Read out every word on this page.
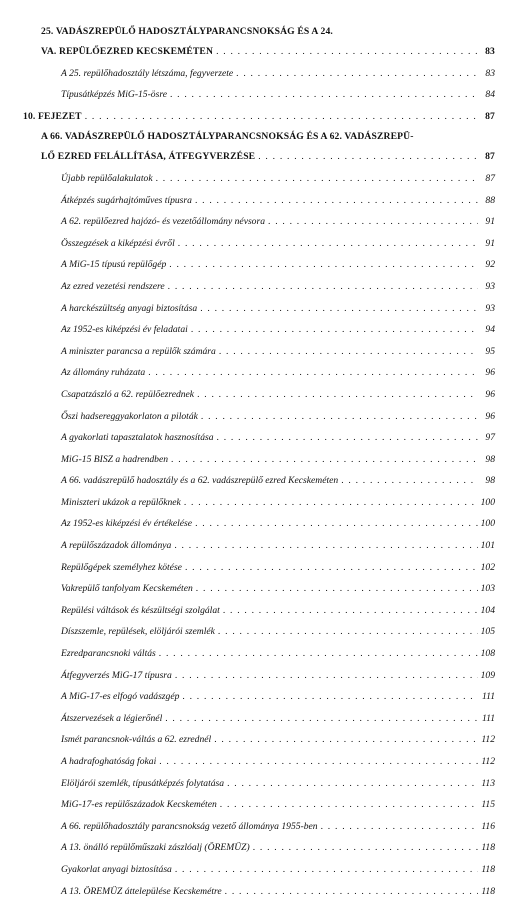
25. VADÁSZREPÜLŐ HADOSZTÁLYPARANCSNOKSÁG ÉS A 24.
VA. REPÜLŐEZRED KECSKEMÉTEN . . .	83
A 25. repülőhadosztály létszáma, fegyverzete . . .	83
Típusátképzés MiG-15-ösre . . .	84
10. FEJEZET . . .	87
A 66. VADÁSZREPÜLŐ HADOSZTÁLYPARANCSNOKSÁG ÉS A 62. VADÁSZREPÜ-
LŐ EZRED FELÁLLÍTÁSA, ÁTFEGYVERZÉSE . . .	87
Újabb repülőalakulatok . . .	87
Átképzés sugárhajtóműves típusra . . .	88
A 62. repülőezred hajózó- és vezetőállomány névsora . . .	91
Összegzések a kiképzési évről . . .	91
A MiG-15 típusú repülőgép . . .	92
Az ezred vezetési rendszere . . .	93
A harckészültség anyagi biztosítása . . .	93
Az 1952-es kiképzési év feladatai . . .	94
A miniszter parancsa a repülők számára . . .	95
Az állomány ruházata . . .	96
Csapatzászló a 62. repülőezrednek . . .	96
Őszi hadsereggyakorlaton a piloták . . .	96
A gyakorlati tapasztalatok hasznosítása . . .	97
MiG-15 BISZ a hadrendben . . .	98
A 66. vadászrepülő hadosztály és a 62. vadászrepülő ezred Kecskeméten . . .	98
Miniszteri ukázok a repülőknek . . .	100
Az 1952-es kiképzési év értékelése . . .	100
A repülőszázadok állománya . . .	101
Repülőgépek személyhez kötése . . .	102
Vakrepülő tanfolyam Kecskeméten . . .	103
Repülési váltások és készültségi szolgálat . . .	104
Díszszemle, repülések, elöljárói szemlék . . .	105
Ezredparancsnoki váltás . . .	108
Átfegyverzés MiG-17 típusra . . .	109
A MiG-17-es elfogó vadászgép . . .	111
Átszervezések a légierőnél . . .	111
Ismét parancsnok-váltás a 62. ezrednél . . .	112
A hadrafoghatóság fokai . . .	112
Elöljárói szemlék, típusátképzés folytatása . . .	113
MiG-17-es repülőszázadok Kecskeméten . . .	115
A 66. repülőhadosztály parancsnokság vezető állománya 1955-ben . . .	116
A 13. önálló repülőműszaki zászlóalj (ÖREMÜZ) . . .	118
Gyakorlat anyagi biztosítása . . .	118
A 13. ÖREMÜZ áttelepülése Kecskemétre . . .	118
